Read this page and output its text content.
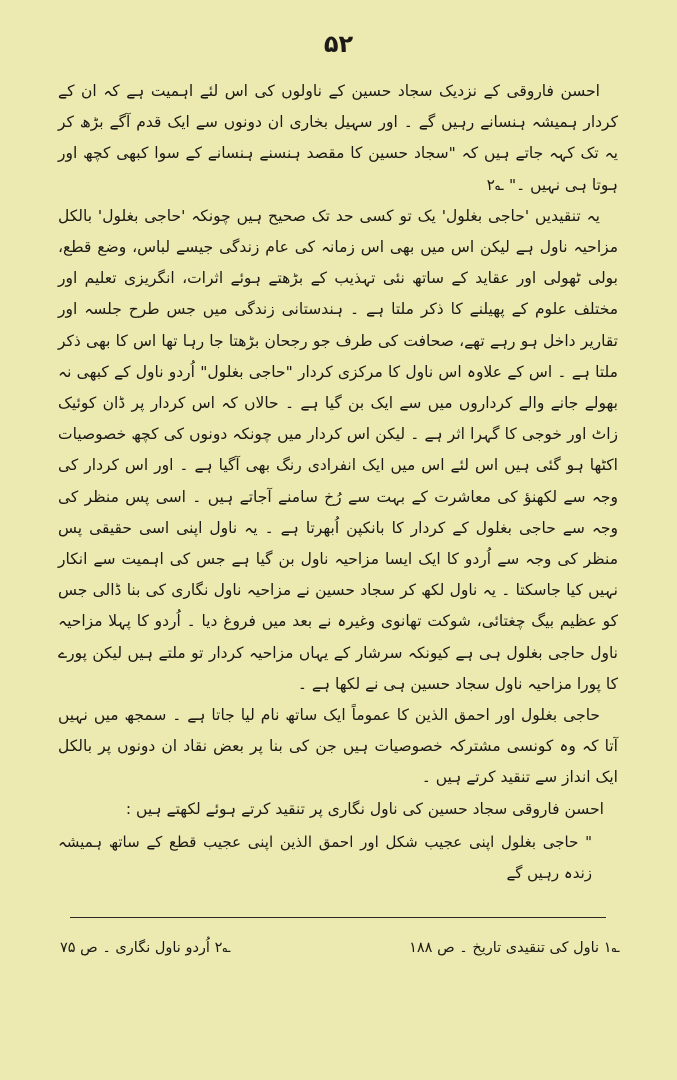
۵۲

احسن فاروقی کے نزدیک سجاد حسین کے ناولوں کی اس لئے اہمیت ہے کہ ان کے کردار ہمیشہ ہنسانے رہیں گے ۔ اور سہیل بخاری ان دونوں سے ایک قدم آگے بڑھ کر یہ تک کہہ جاتے ہیں کہ "سجاد حسین کا مقصد ہنسنے ہنسانے کے سوا کبھی کچھ اور ہوتا ہی نہیں ۔" ؎۲

یہ تنقیدیں 'حاجی بغلول' یک تو کسی حد تک صحیح ہیں چونکہ 'حاجی بغلول' بالکل مزاحیہ ناول ہے لیکن اس میں بھی اس زمانہ کی عام زندگی جیسے لباس، وضع قطع، بولی ٹھولی اور عقاید کے ساتھ نئی تہذیب کے بڑھتے ہوئے اثرات، انگریزی تعلیم اور مختلف علوم کے پھیلنے کا ذکر ملتا ہے ۔ ہندستانی زندگی میں جس طرح جلسہ اور تقاریر داخل ہو رہے تھے، صحافت کی طرف جو رجحان بڑھتا جا رہا تھا اس کا بھی ذکر ملتا ہے ۔ اس کے علاوہ اس ناول کا مرکزی کردار "حاجی بغلول" اُردو ناول کے کبھی نہ بھولے جانے والے کرداروں میں سے ایک بن گیا ہے ۔ حالاں کہ اس کردار پر ڈان کوئیک زاٹ اور خوجی کا گہرا اثر ہے ۔ لیکن اس کردار میں چونکہ دونوں کی کچھ خصوصیات اکٹھا ہو گئی ہیں اس لئے اس میں ایک انفرادی رنگ بھی آگیا ہے ۔ اور اس کردار کی وجہ سے لکھنؤ کی معاشرت کے بہت سے رُخ سامنے آجاتے ہیں ۔ اسی پس منظر کی وجہ سے حاجی بغلول کے کردار کا بانکپن اُبھرتا ہے ۔ یہ ناول اپنی اسی حقیقی پس منظر کی وجہ سے اُردو کا ایک ایسا مزاحیہ ناول بن گیا ہے جس کی اہمیت سے انکار نہیں کیا جاسکتا ۔ یہ ناول لکھ کر سجاد حسین نے مزاحیہ ناول نگاری کی بنا ڈالی جس کو عظیم بیگ چغتائی، شوکت تھانوی وغیرہ نے بعد میں فروغ دیا ۔ اُردو کا پہلا مزاحیہ ناول حاجی بغلول ہی ہے کیونکہ سرشار کے یہاں مزاحیہ کردار تو ملتے ہیں لیکن پورے کا پورا مزاحیہ ناول سجاد حسین ہی نے لکھا ہے ۔

حاجی بغلول اور احمق الذین کا عموماً ایک ساتھ نام لیا جاتا ہے ۔ سمجھ میں نہیں آتا کہ وہ کونسی مشترکہ خصوصیات ہیں جن کی بنا پر بعض نقاد ان دونوں پر بالکل ایک انداز سے تنقید کرتے ہیں ۔

احسن فاروقی سجاد حسین کی ناول نگاری پر تنقید کرتے ہوئے لکھتے ہیں :

" حاجی بغلول اپنی عجیب شکل اور احمق الذین اپنی عجیب قطع کے ساتھ ہمیشہ زندہ رہیں گے

؎۱ ناول کی تنقیدی تاریخ ۔ ص ۱۸۸
؎۲ اُردو ناول نگاری ۔ ص ۷۵
